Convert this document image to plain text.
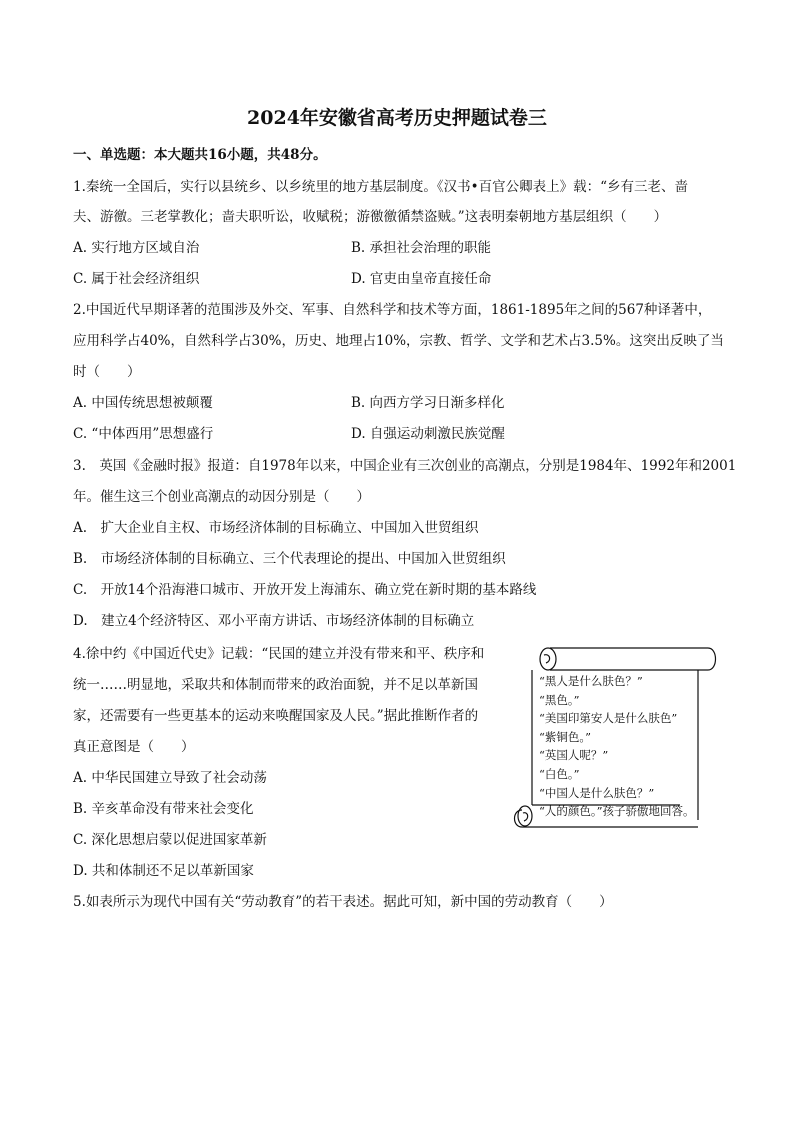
2024年安徽省高考历史押题试卷三
一、单选题：本大题共16小题，共48分。
1.秦统一全国后，实行以县统乡、以乡统里的地方基层制度。《汉书•百官公卿表上》载：“乡有三老、啬
夫、游徼。三老掌教化；啬夫职听讼，收赋税；游徼徼循禁盗贼。”这表明秦朝地方基层组织（　　）
A. 实行地方区域自治	B. 承担社会治理的职能
C. 属于社会经济组织	D. 官吏由皇帝直接任命
2.中国近代早期译著的范围涉及外交、军事、自然科学和技术等方面，1861-1895年之间的567种译著中，
应用科学占40%，自然科学占30%，历史、地理占10%，宗教、哲学、文学和艺术占3.5%。这突出反映了当
时（　　）
A. 中国传统思想被颠覆	B. 向西方学习日渐多样化
C. “中体西用”思想盛行	D. 自强运动刺激民族觉醒
3.　英国《金融时报》报道：自1978年以来，中国企业有三次创业的高潮点，分别是1984年、1992年和2001
年。催生这三个创业高潮点的动因分别是（　　）
A.　扩大企业自主权、市场经济体制的目标确立、中国加入世贸组织
B.　市场经济体制的目标确立、三个代表理论的提出、中国加入世贸组织
C.　开放14个沿海港口城市、开放开发上海浦东、确立党在新时期的基本路线
D.　建立4个经济特区、邓小平南方讲话、市场经济体制的目标确立
4.徐中约《中国近代史》记载：“民国的建立并没有带来和平、秩序和
统一……明显地，采取共和体制而带来的政治面貌，并不足以革新国
家，还需要有一些更基本的运动来唤醒国家及人民。”据此推断作者的
真正意图是（　　）
A. 中华民国建立导致了社会动荡
B. 辛亥革命没有带来社会变化
C. 深化思想启蒙以促进国家革新
D. 共和体制还不足以革新国家
“黑人是什么肤色？”
“黑色。”
“美国印第安人是什么肤色”
“紫铜色。”
“英国人呢？”
“白色。”
“中国人是什么肤色？”
“人的颜色。”孩子骄傲地回答。
5.如表所示为现代中国有关“劳动教育”的若干表述。据此可知，新中国的劳动教育（　　）
